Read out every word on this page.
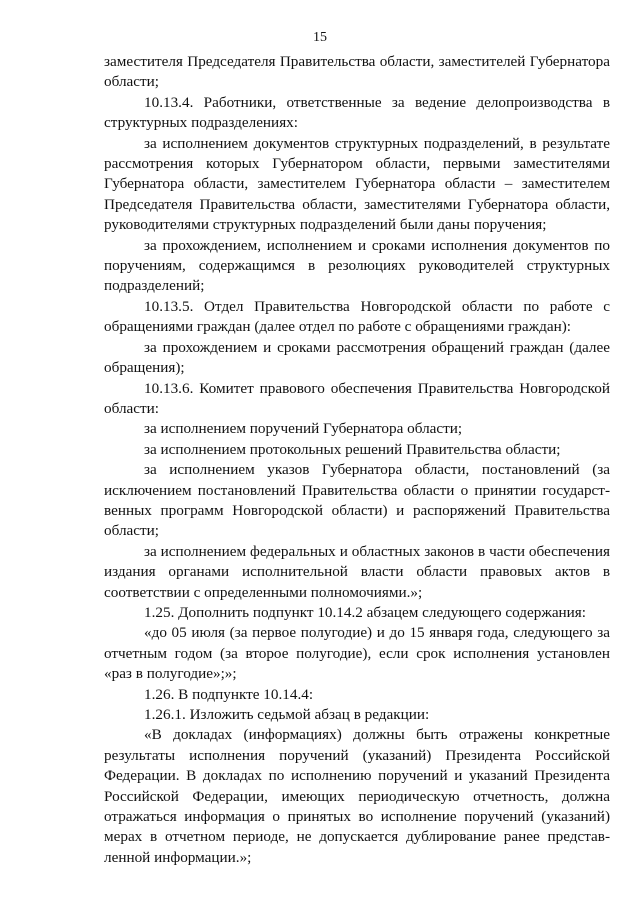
15

заместителя Председателя Правительства области, заместителей Губернатора области;

10.13.4. Работники, ответственные за ведение делопроизводства в структурных подразделениях:

за исполнением документов структурных подразделений, в результате рассмотрения которых Губернатором области, первыми заместителями Губернатора области, заместителем Губернатора области – заместителем Председателя Правительства области, заместителями Губернатора области, руководителями структурных подразделений были даны поручения;

за прохождением, исполнением и сроками исполнения документов по поручениям, содержащимся в резолюциях руководителей структурных подразделений;

10.13.5. Отдел Правительства Новгородской области по работе с обращениями граждан (далее отдел по работе с обращениями граждан):

за прохождением и сроками рассмотрения обращений граждан (далее обращения);

10.13.6. Комитет правового обеспечения Правительства Новгородской области:

за исполнением поручений Губернатора области;

за исполнением протокольных решений Правительства области;

за исполнением указов Губернатора области, постановлений (за исключением постановлений Правительства области о принятии государст-венных программ Новгородской области) и распоряжений Правительства области;

за исполнением федеральных и областных законов в части обеспечения издания органами исполнительной власти области правовых актов в соответствии с определенными полномочиями.»;

1.25. Дополнить подпункт 10.14.2 абзацем следующего содержания:

«до 05 июля (за первое полугодие) и до 15 января года, следующего за отчетным годом (за второе полугодие), если срок исполнения установлен «раз в полугодие»;»;

1.26. В подпункте 10.14.4:

1.26.1. Изложить седьмой абзац в редакции:

«В докладах (информациях) должны быть отражены конкретные результаты исполнения поручений (указаний) Президента Российской Федерации. В докладах по исполнению поручений и указаний Президента Российской Федерации, имеющих периодическую отчетность, должна отражаться информация о принятых во исполнение поручений (указаний) мерах в отчетном периоде, не допускается дублирование ранее представ-ленной информации.»;
